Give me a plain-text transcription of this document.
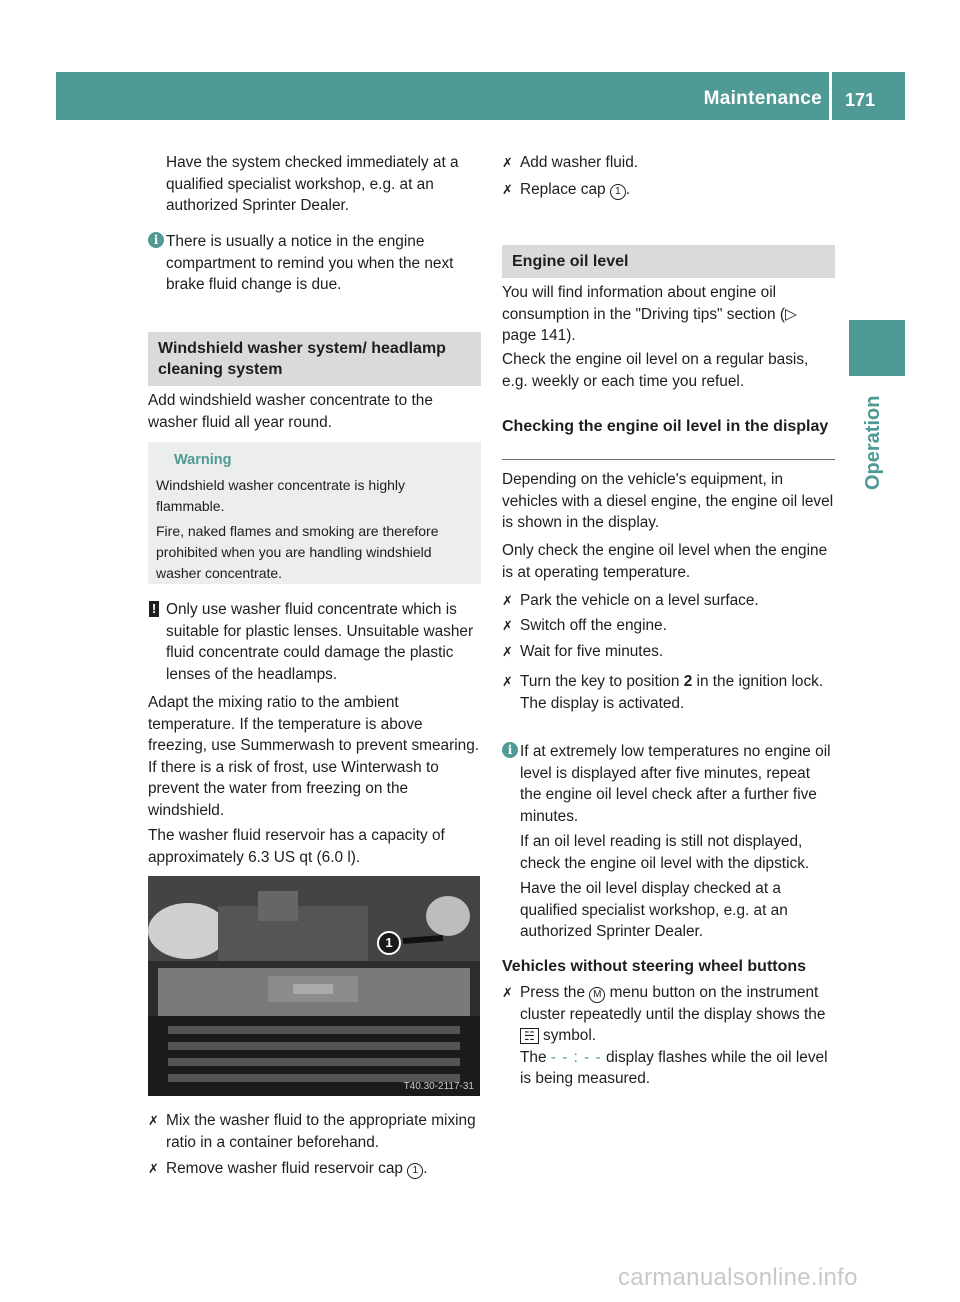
Maintenance 171
Operation

Have the system checked immediately at a qualified specialist workshop, e.g. at an authorized Sprinter Dealer.

i There is usually a notice in the engine compartment to remind you when the next brake fluid change is due.
Windshield washer system/ headlamp cleaning system

Add windshield washer concentrate to the washer fluid all year round.

Warning
Windshield washer concentrate is highly flammable.
Fire, naked flames and smoking are therefore prohibited when you are handling windshield washer concentrate.
! Only use washer fluid concentrate which is suitable for plastic lenses. Unsuitable washer fluid concentrate could damage the plastic lenses of the headlamps.

Adapt the mixing ratio to the ambient temperature. If the temperature is above freezing, use Summerwash to prevent smearing. If there is a risk of frost, use Winterwash to prevent the water from freezing on the windshield.

The washer fluid reservoir has a capacity of approximately 6.3 US qt (6.0 l).

✗ Mix the washer fluid to the appropriate mixing ratio in a container beforehand.
✗ Remove washer fluid reservoir cap 1 .
1
T40.30-2117-31
✗ Add washer fluid.
✗ Replace cap 1 .
Engine oil level

You will find information about engine oil consumption in the "Driving tips" section (▷ page 141).

Check the engine oil level on a regular basis, e.g. weekly or each time you refuel.

Checking the engine oil level in the display

Depending on the vehicle's equipment, in vehicles with a diesel engine, the engine oil level is shown in the display.

Only check the engine oil level when the engine is at operating temperature.

✗ Park the vehicle on a level surface.
✗ Switch off the engine.
✗ Wait for five minutes.
✗ Turn the key to position 2 in the ignition lock.
The display is activated.
i If at extremely low temperatures no engine oil level is displayed after five minutes, repeat the engine oil level check after a further five minutes.
If an oil level reading is still not displayed, check the engine oil level with the dipstick.
Have the oil level display checked at a qualified specialist workshop, e.g. at an authorized Sprinter Dealer.
Vehicles without steering wheel buttons
✗ Press the M menu button on the instrument cluster repeatedly until the display shows the ☵ symbol.
The - - : - - display flashes while the oil level is being measured.
carmanualsonline.info
